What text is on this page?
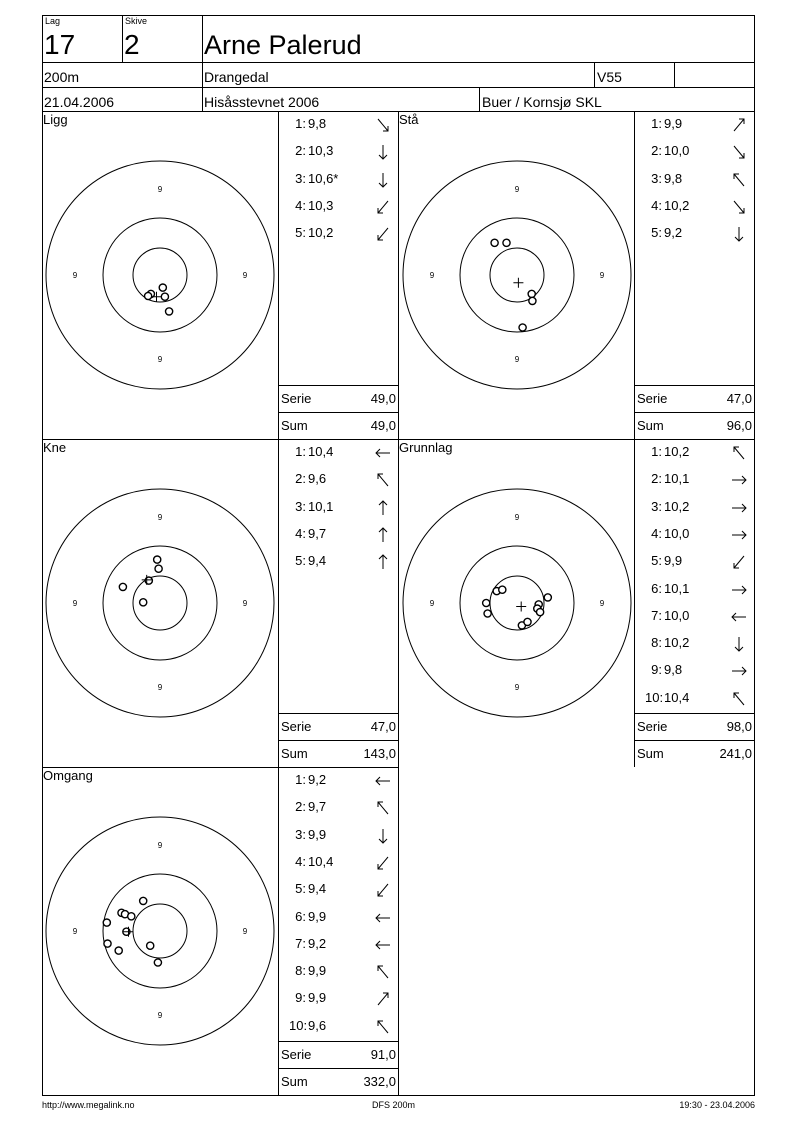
Lag
17
Skive
2 Arne Palerud
200m	Drangedal	V55
21.04.2006	Hisåsstevnet 2006	Buer / Kornsjø SKL
Ligg
9
9
9	9
1: 9,8
2: 10,3
3: 10,6*
4: 10,3
5: 10,2
Serie	49,0
Sum	49,0
Stå
9
9
9	9
1: 9,9
2: 10,0
3: 9,8
4: 10,2
5: 9,2
Serie	47,0
Sum	96,0
Kne
9
9
9	9
1: 10,4
2: 9,6
3: 10,1
4: 9,7
5: 9,4
Serie	47,0
Sum	143,0
Grunnlag
9
9
9	9
1: 10,2
2: 10,1
3: 10,2
4: 10,0
5: 9,9
6: 10,1
7: 10,0
8: 10,2
9: 9,8
10:10,4
Serie	98,0
Sum	241,0
Omgang
9
9
9	9
1: 9,2
2: 9,7
3: 9,9
4: 10,4
5: 9,4
6: 9,9
7: 9,2
8: 9,9
9: 9,9
10:9,6
Serie	91,0
Sum	332,0
http://www.megalink.no	DFS 200m	19:30 - 23.04.2006
